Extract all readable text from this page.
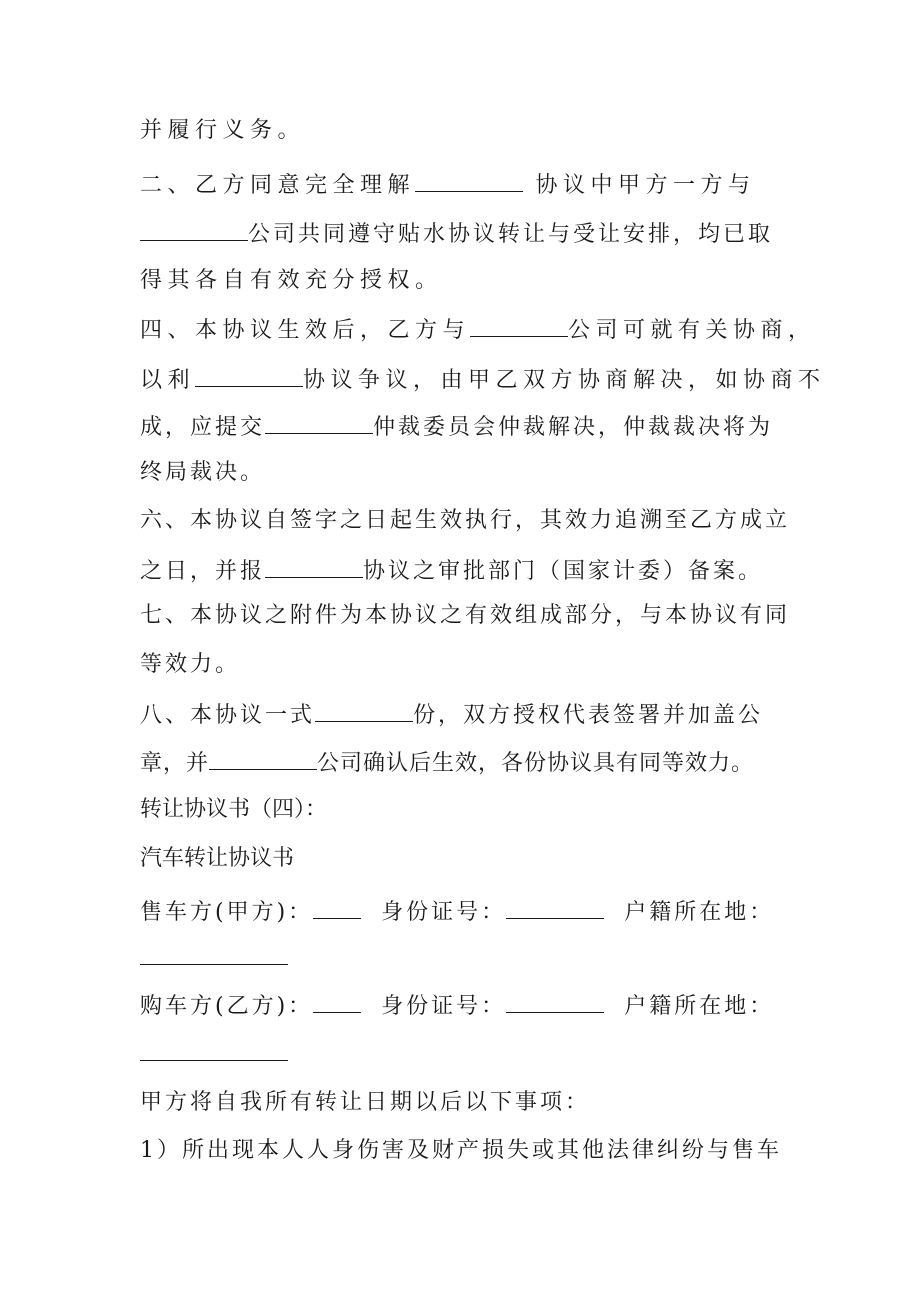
并履行义务。
二、乙方同意完全理解	协议中甲方一方与
公司共同遵守贴水协议转让与受让安排，均已取
得其各自有效充分授权。
四、本协议生效后，乙方与	公司可就有关协商，
以利	协议争议，由甲乙双方协商解决，如协商不
成，应提交	仲裁委员会仲裁解决，仲裁裁决将为
终局裁决。
六、本协议自签字之日起生效执行，其效力追溯至乙方成立
之日，并报	协议之审批部门（国家计委）备案。
七、本协议之附件为本协议之有效组成部分，与本协议有同
等效力。
八、本协议一式	份，双方授权代表签署并加盖公
章，并	公司确认后生效，各份协议具有同等效力。
转让协议书（四）：
汽车转让协议书
售车方(甲方)：	身份证号：	户籍所在地：
购车方(乙方)：	身份证号：	户籍所在地：
甲方将自我所有转让日期以后以下事项：
1）所出现本人人身伤害及财产损失或其他法律纠纷与售车
